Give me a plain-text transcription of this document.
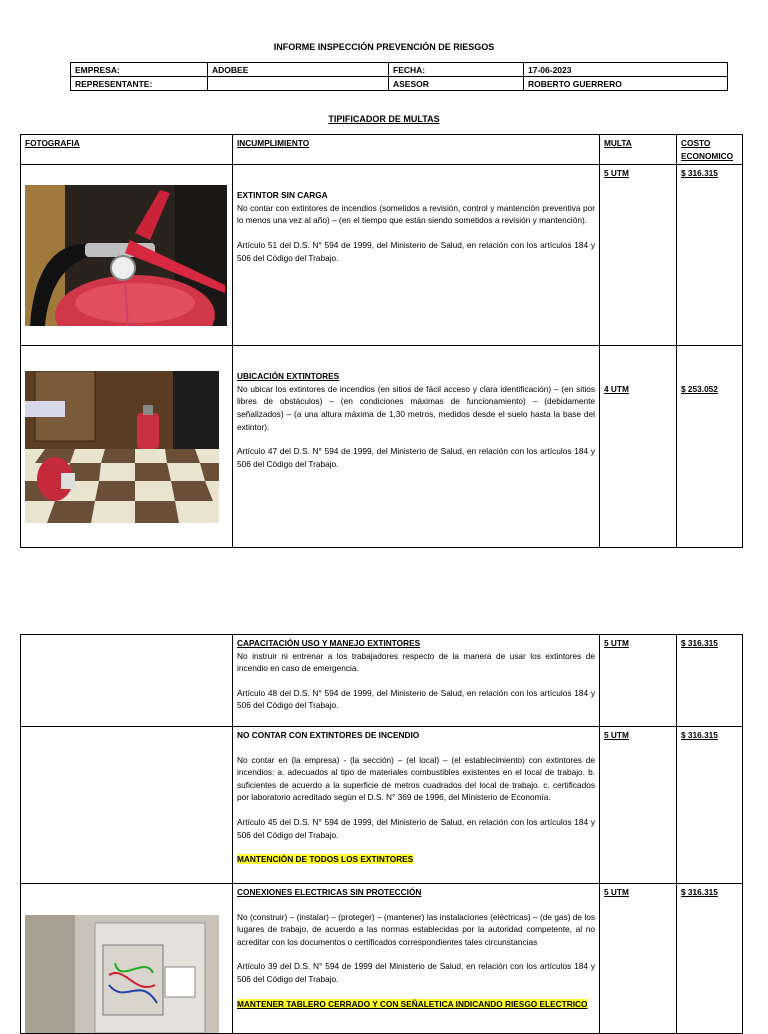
INFORME INSPECCIÓN PREVENCIÓN DE RIESGOS
EMPRESA:	ADOBEE	FECHA:	17-06-2023
REPRESENTANTE:		ASESOR	ROBERTO GUERRERO
TIPIFICADOR DE MULTAS
FOTOGRAFIA	INCUMPLIMIENTO	MULTA	COSTO ECONOMICO

EXTINTOR SIN CARGA

No contar con extintores de incendios (sometidos a revisión, control y mantención preventiva por lo menos una vez al año) – (en el tiempo que están siendo sometidos a revisión y mantención).

Artículo 51 del D.S. N° 594 de 1999, del Ministerio de Salud, en relación con los artículos 184 y 506 del Código del Trabajo.	5 UTM	$ 316.315

UBICACIÓN EXTINTORES

No ubicar los extintores de incendios (en sitios de fácil acceso y clara identificación) – (en sitios libres de obstáculos) – (en condiciones máximas de funcionamiento) – (debidamente señalizados) – (a una altura máxima de 1,30 metros, medidos desde el suelo hasta la base del extintor).

Artículo 47 del D.S. N° 594 de 1999, del Ministerio de Salud, en relación con los artículos 184 y 506 del Código del Trabajo.	4 UTM	$ 253.052

	CAPACITACIÓN USO Y MANEJO EXTINTORES

No instruir ni entrenar a los trabajadores respecto de la manera de usar los extintores de incendio en caso de emergencia.

Artículo 48 del D.S. N° 594 de 1999, del Ministerio de Salud, en relación con los artículos 184 y 506 del Código del Trabajo.	5 UTM	$ 316.315

	NO CONTAR CON EXTINTORES DE INCENDIO

No contar en (la empresa) - (la sección) – (el local) – (el establecimiento) con extintores de incendios: a. adecuados al tipo de materiales combustibles existentes en el local de trabajo. b. suficientes de acuerdo a la superficie de metros cuadrados del local de trabajo. c. certificados por laboratorio acreditado según el D.S. N° 369 de 1996, del Ministerio de Economía.

Artículo 45 del D.S. N° 594 de 1999, del Ministerio de Salud, en relación con los artículos 184 y 506 del Código del Trabajo.

MANTENCIÓN DE TODOS LOS EXTINTORES	5 UTM	$ 316.315

CONEXIONES ELECTRICAS SIN PROTECCIÓN

No (construir) – (instalar) – (proteger) – (mantener) las instalaciones (eléctricas) – (de gas) de los lugares de trabajo, de acuerdo a las normas establecidas por la autoridad competente, al no acreditar con los documentos o certificados correspondientes tales circunstancias

Artículo 39 del D.S. N° 594 de 1999 del Ministerio de Salud, en relación con los artículos 184 y 506 del Código del Trabajo.

MANTENER TABLERO CERRADO Y CON SEÑALETICA INDICANDO RIESGO ELECTRICO	5 UTM	$ 316.315
